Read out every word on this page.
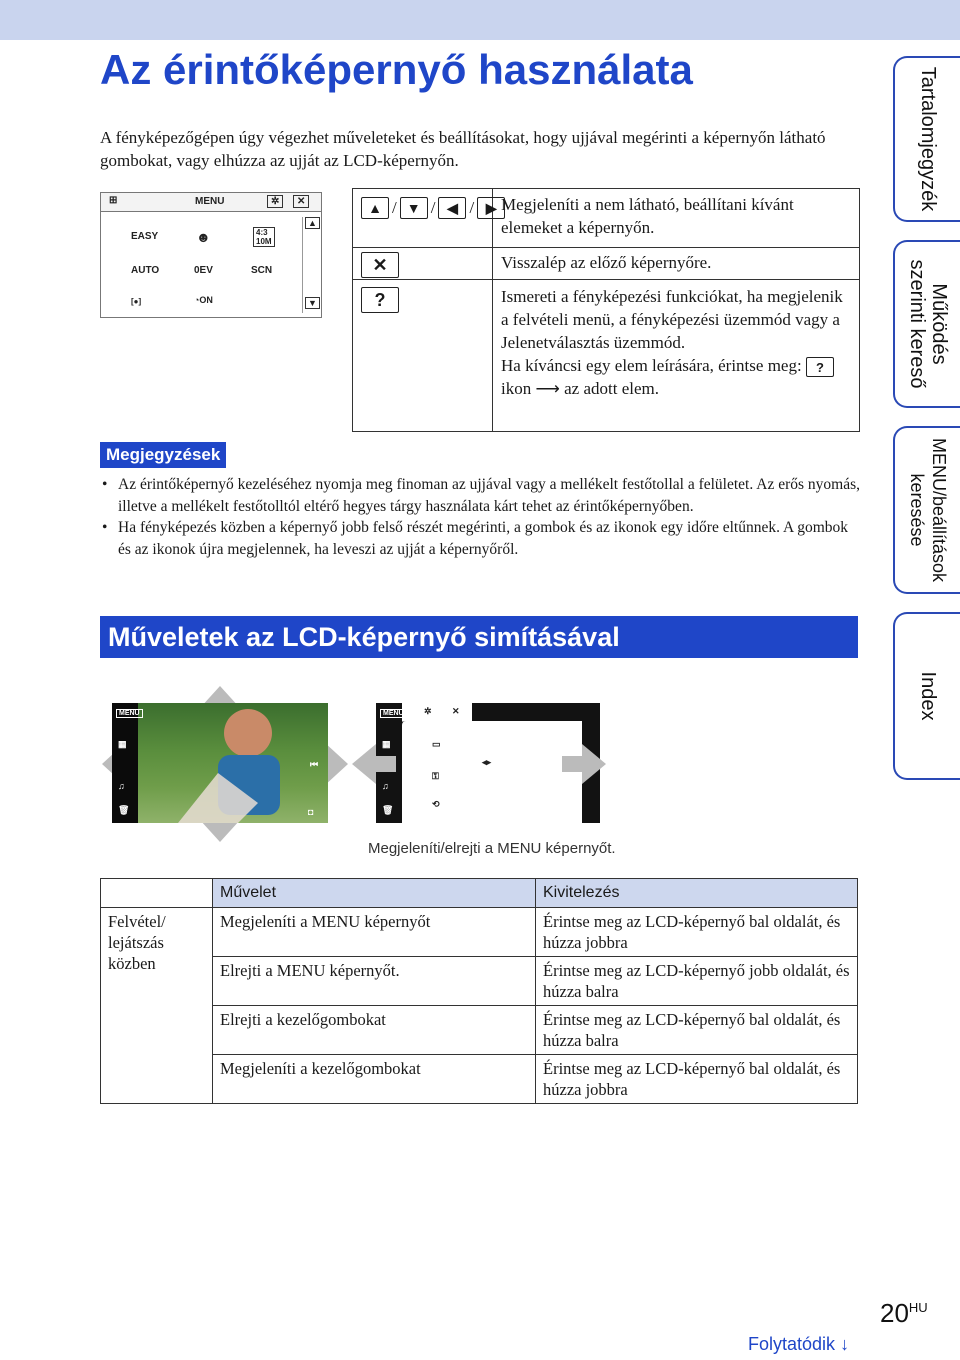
Az érintőképernyő használata

A fényképezőgépen úgy végezhet műveleteket és beállításokat, hogy ujjával megérinti a képernyőn látható gombokat, vagy elhúzza az ujját az LCD-képernyőn.

⊞	MENU	✲	✕
EASY	☻	4:3
10M
AUTO	0EV	SCN
[●]	◔ON
▲
▼
▲ / ▼ / ◀ / ▶ Megjeleníti a nem látható, beállítani kívánt elemeket a képernyőn.

✕	Visszalép az előző képernyőre.

?	Ismereti a fényképezési funkciókat, ha megjelenik a felvételi menü, a fényképezési üzemmód vagy a Jelenetválasztás üzemmód.
Ha kíváncsi egy elem leírására, érintse meg: ? ikon ⟶ az adott elem.

Megjegyzések
• Az érintőképernyő kezeléséhez nyomja meg finoman az ujjával vagy a mellékelt festőtollal a felületet. Az erős nyomás, illetve a mellékelt festőtolltól eltérő hegyes tárgy használata kárt tehet az érintőképernyőben.
• Ha fényképezés közben a képernyő jobb felső részét megérinti, a gombok és az ikonok egy időre eltűnnek. A gombok és az ikonok újra megjelennek, ha leveszi az ujját a képernyőről.
Műveletek az LCD-képernyő simításával
MENU
▦
♫
🗑
⏮
◘
▭
⚿
⟲
◂▸
MENU	✲ ✕
▦
♫
🗑
Megjeleníti/elrejti a MENU képernyőt.
	Művelet	Kivitelezés
Felvétel/ lejátszás közben	Megjeleníti a MENU képernyőt	Érintse meg az LCD-képernyő bal oldalát, és húzza jobbra
	Elrejti a MENU képernyőt.	Érintse meg az LCD-képernyő jobb oldalát, és húzza balra
	Elrejti a kezelőgombokat	Érintse meg az LCD-képernyő bal oldalát, és húzza balra
	Megjeleníti a kezelőgombokat	Érintse meg az LCD-képernyő bal oldalát, és húzza jobbra
Tartalomjegyzék
Működés
szerinti kereső
MENU/beállítások
keresése
Index
$20^{HU}$
Folytatódik ↓
